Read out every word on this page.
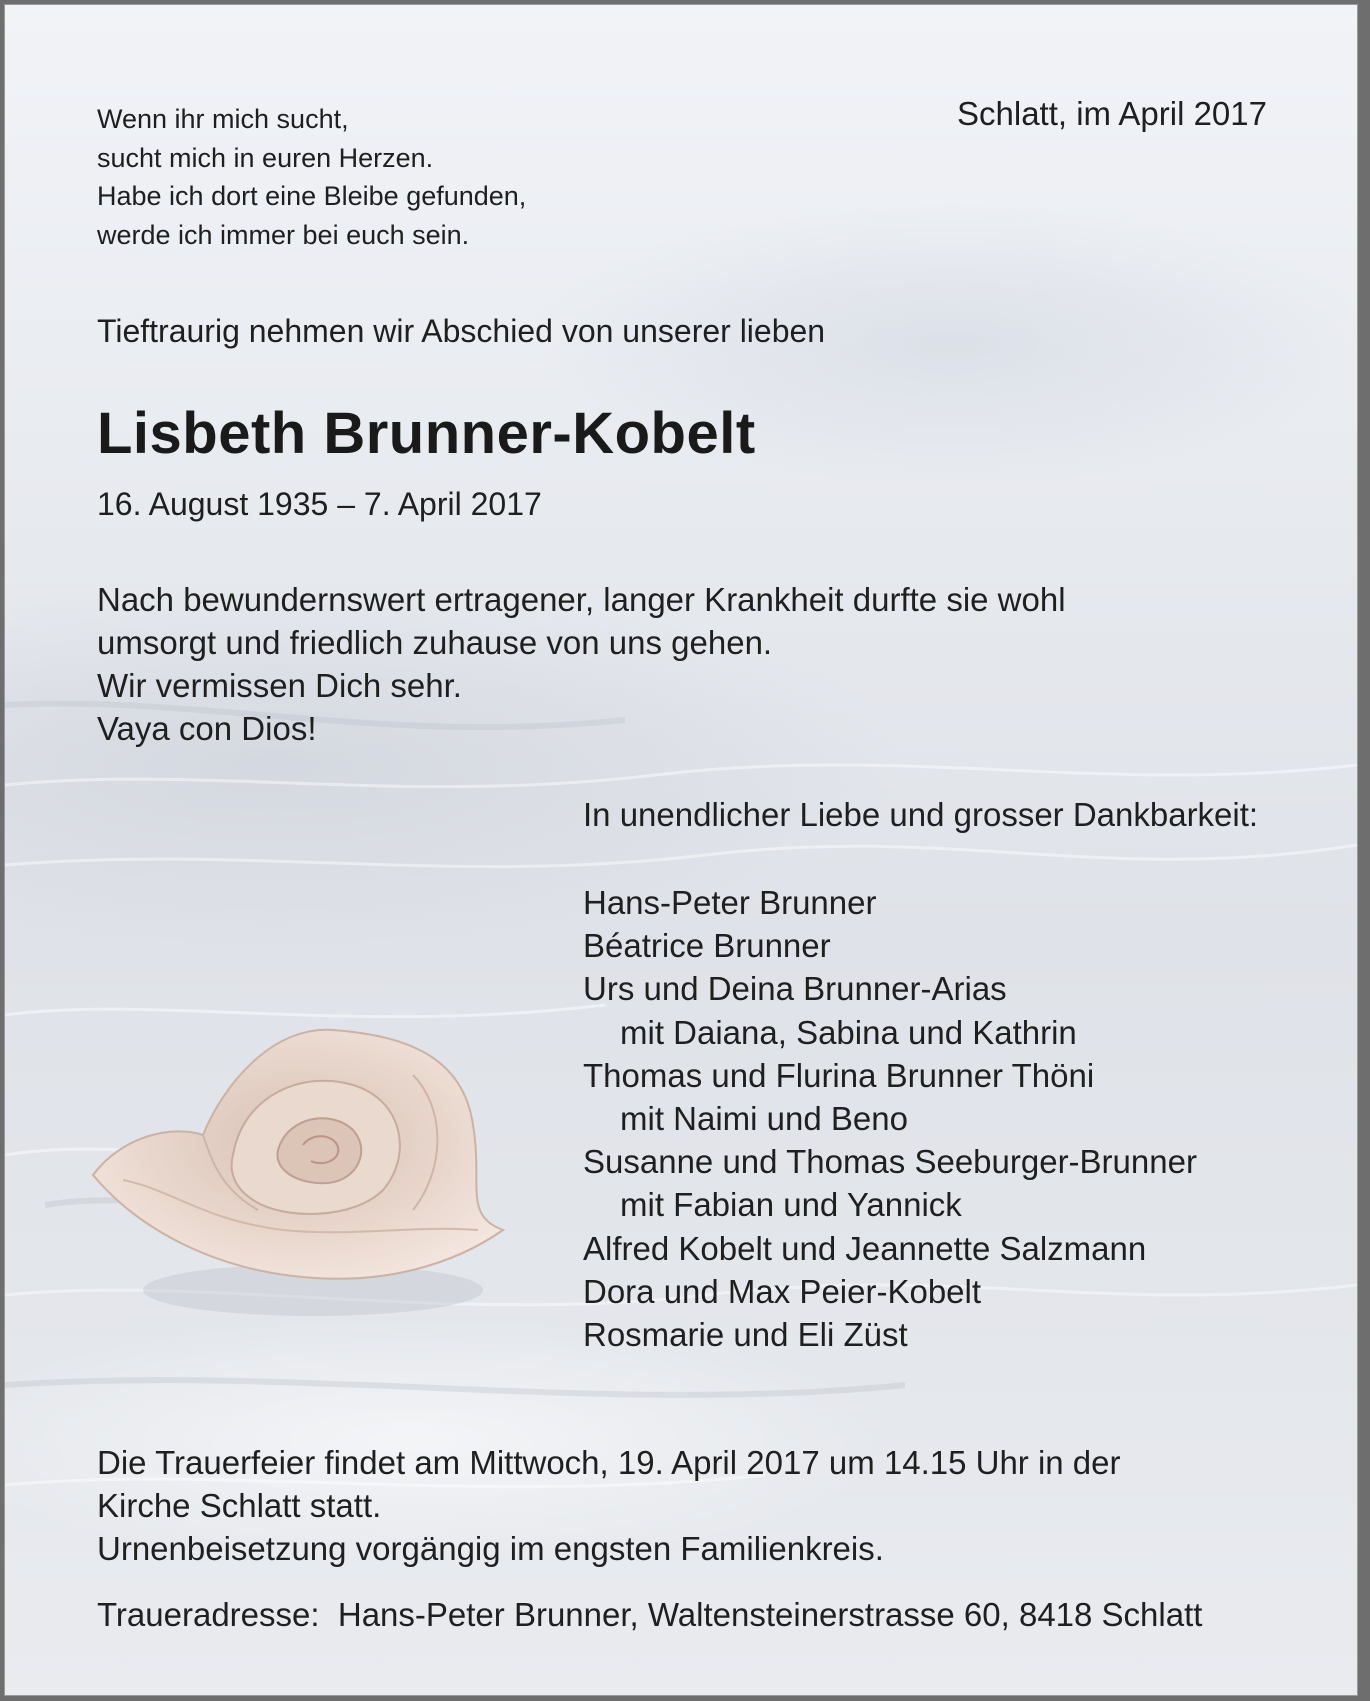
Wenn ihr mich sucht,
sucht mich in euren Herzen.
Habe ich dort eine Bleibe gefunden,
werde ich immer bei euch sein.
Schlatt, im April 2017
Tieftraurig nehmen wir Abschied von unserer lieben
Lisbeth Brunner-Kobelt
16. August 1935 – 7. April 2017
Nach bewundernswert ertragener, langer Krankheit durfte sie wohl
umsorgt und friedlich zuhause von uns gehen.
Wir vermissen Dich sehr.
Vaya con Dios!
In unendlicher Liebe und grosser Dankbarkeit:
Hans-Peter Brunner
Béatrice Brunner
Urs und Deina Brunner-Arias
mit Daiana, Sabina und Kathrin
Thomas und Flurina Brunner Thöni
mit Naimi und Beno
Susanne und Thomas Seeburger-Brunner
mit Fabian und Yannick
Alfred Kobelt und Jeannette Salzmann
Dora und Max Peier-Kobelt
Rosmarie und Eli Züst
Die Trauerfeier findet am Mittwoch, 19. April 2017 um 14.15 Uhr in der
Kirche Schlatt statt.
Urnenbeisetzung vorgängig im engsten Familienkreis.
Traueradresse:  Hans-Peter Brunner, Waltensteinerstrasse 60, 8418 Schlatt
